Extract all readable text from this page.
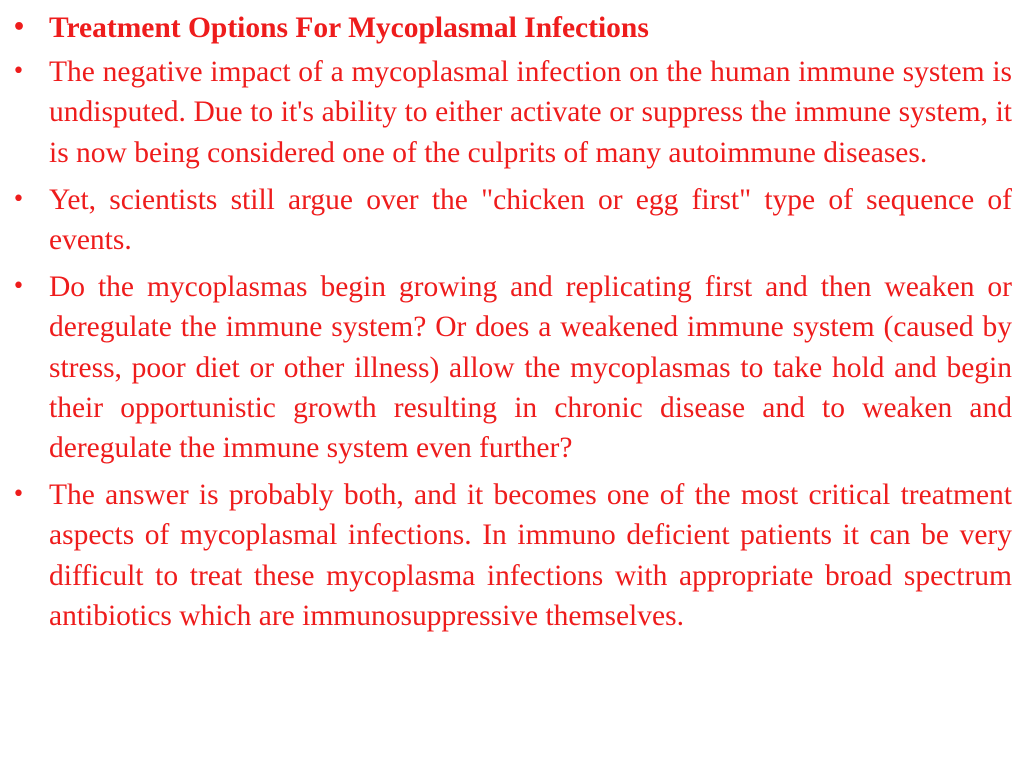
• Treatment Options For Mycoplasmal Infections
• The negative impact of a mycoplasmal infection on the human immune system is undisputed. Due to it's ability to either activate or suppress the immune system, it is now being considered one of the culprits of many autoimmune diseases.
• Yet, scientists still argue over the "chicken or egg first" type of sequence of events.
• Do the mycoplasmas begin growing and replicating first and then weaken or deregulate the immune system? Or does a weakened immune system (caused by stress, poor diet or other illness) allow the mycoplasmas to take hold and begin their opportunistic growth resulting in chronic disease and to weaken and deregulate the immune system even further?
• The answer is probably both, and it becomes one of the most critical treatment aspects of mycoplasmal infections. In immuno deficient patients it can be very difficult to treat these mycoplasma infections with appropriate broad spectrum antibiotics which are immunosuppressive themselves.
